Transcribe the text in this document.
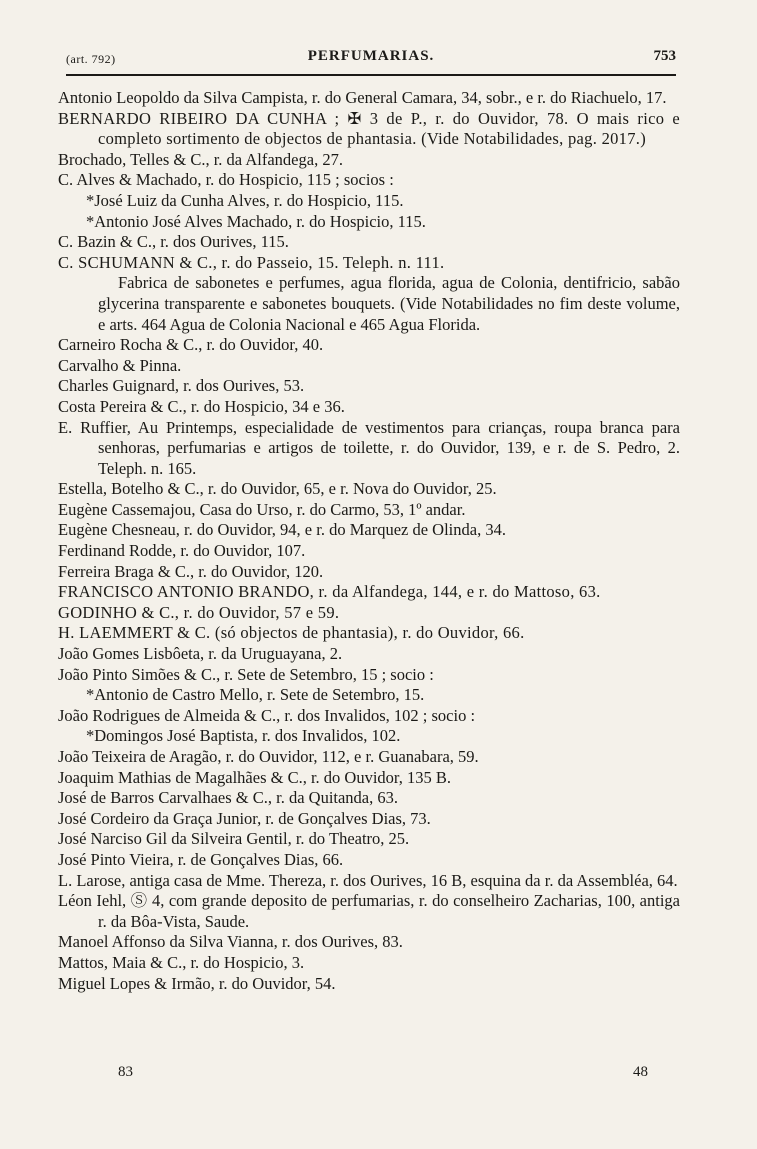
(art. 792)	PERFUMARIAS.	753
Antonio Leopoldo da Silva Campista, r. do General Camara, 34, sobr., e r. do Riachuelo, 17.
BERNARDO RIBEIRO DA CUNHA ; ✠ 3 de P., r. do Ouvidor, 78. O mais rico e completo sortimento de objectos de phantasia. (Vide Notabilidades, pag. 2017.)
Brochado, Telles & C., r. da Alfandega, 27.
C. Alves & Machado, r. do Hospicio, 115 ; socios :
*José Luiz da Cunha Alves, r. do Hospicio, 115.
*Antonio José Alves Machado, r. do Hospicio, 115.
C. Bazin & C., r. dos Ourives, 115.
C. SCHUMANN & C., r. do Passeio, 15. Teleph. n. 111.
Fabrica de sabonetes e perfumes, agua florida, agua de Colonia, dentifricio, sabão glycerina transparente e sabonetes bouquets. (Vide Notabilidades no fim deste volume, e arts. 464 Agua de Colonia Nacional e 465 Agua Florida.
Carneiro Rocha & C., r. do Ouvidor, 40.
Carvalho & Pinna.
Charles Guignard, r. dos Ourives, 53.
Costa Pereira & C., r. do Hospicio, 34 e 36.
E. Ruffier, Au Printemps, especialidade de vestimentos para crianças, roupa branca para senhoras, perfumarias e artigos de toilette, r. do Ouvidor, 139, e r. de S. Pedro, 2. Teleph. n. 165.
Estella, Botelho & C., r. do Ouvidor, 65, e r. Nova do Ouvidor, 25.
Eugène Cassemajou, Casa do Urso, r. do Carmo, 53, 1º andar.
Eugène Chesneau, r. do Ouvidor, 94, e r. do Marquez de Olinda, 34.
Ferdinand Rodde, r. do Ouvidor, 107.
Ferreira Braga & C., r. do Ouvidor, 120.
FRANCISCO ANTONIO BRANDO, r. da Alfandega, 144, e r. do Mattoso, 63.
GODINHO & C., r. do Ouvidor, 57 e 59.
H. LAEMMERT & C. (só objectos de phantasia), r. do Ouvidor, 66.
João Gomes Lisbôeta, r. da Uruguayana, 2.
João Pinto Simões & C., r. Sete de Setembro, 15 ; socio :
*Antonio de Castro Mello, r. Sete de Setembro, 15.
João Rodrigues de Almeida & C., r. dos Invalidos, 102 ; socio :
*Domingos José Baptista, r. dos Invalidos, 102.
João Teixeira de Aragão, r. do Ouvidor, 112, e r. Guanabara, 59.
Joaquim Mathias de Magalhães & C., r. do Ouvidor, 135 B.
José de Barros Carvalhaes & C., r. da Quitanda, 63.
José Cordeiro da Graça Junior, r. de Gonçalves Dias, 73.
José Narciso Gil da Silveira Gentil, r. do Theatro, 25.
José Pinto Vieira, r. de Gonçalves Dias, 66.
L. Larose, antiga casa de Mme. Thereza, r. dos Ourives, 16 B, esquina da r. da Assembléa, 64.
Léon Iehl, Ⓢ 4, com grande deposito de perfumarias, r. do conselheiro Zacharias, 100, antiga r. da Bôa-Vista, Saude.
Manoel Affonso da Silva Vianna, r. dos Ourives, 83.
Mattos, Maia & C., r. do Hospicio, 3.
Miguel Lopes & Irmão, r. do Ouvidor, 54.
83	48
